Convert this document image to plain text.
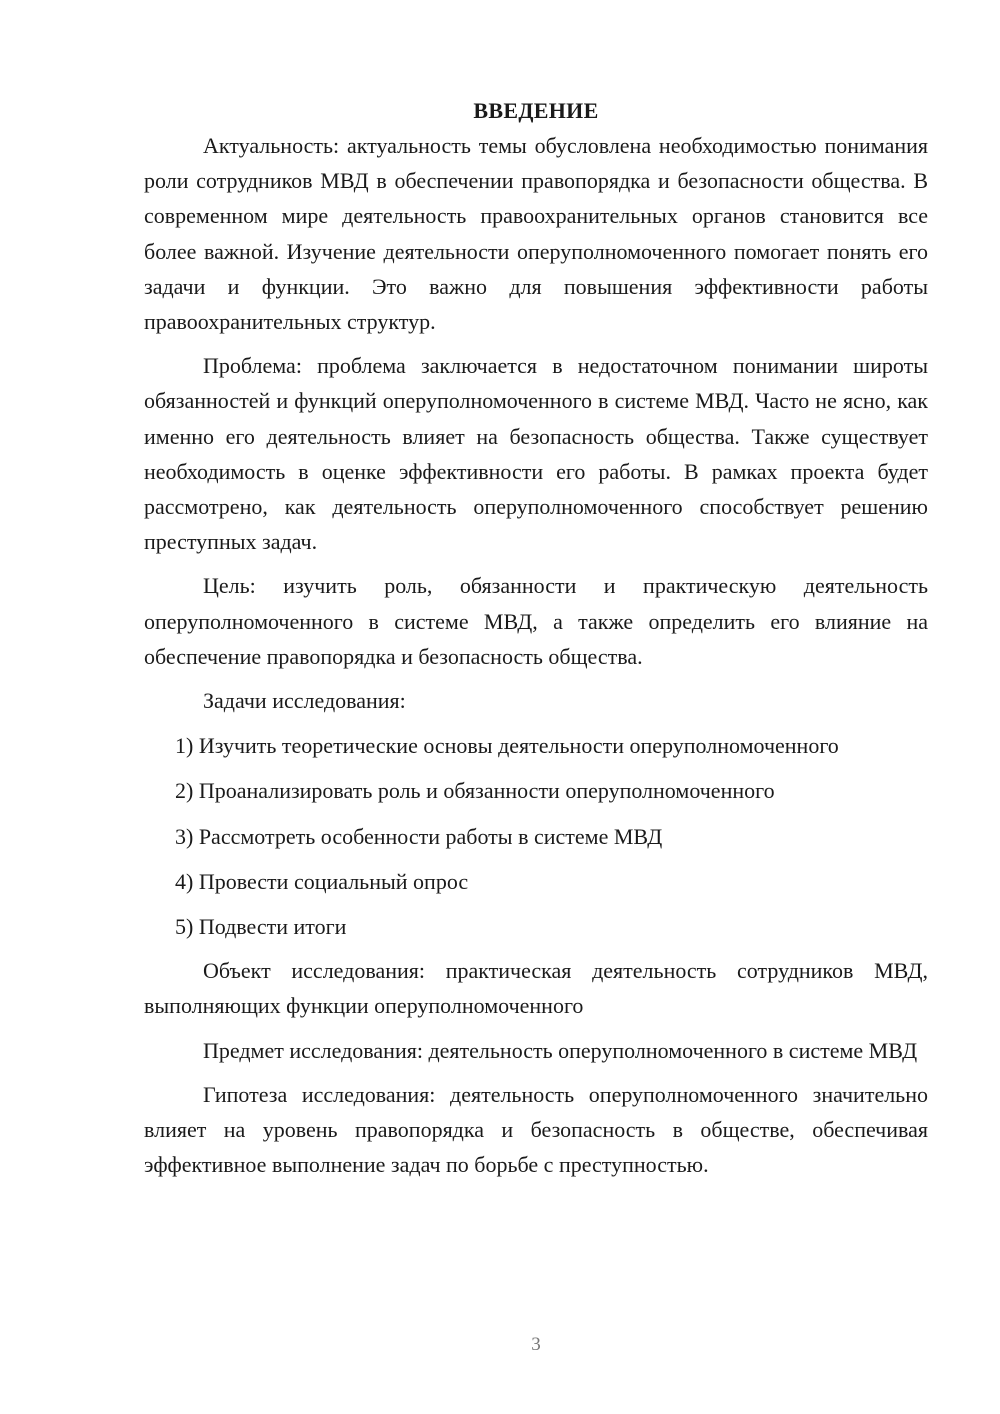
ВВЕДЕНИЕ

Актуальность: актуальность темы обусловлена необходимостью понимания роли сотрудников МВД в обеспечении правопорядка и безопасности общества. В современном мире деятельность правоохранительных органов становится все более важной. Изучение деятельности оперуполномоченного помогает понять его задачи и функции. Это важно для повышения эффективности работы правоохранительных структур.

Проблема: проблема заключается в недостаточном понимании широты обязанностей и функций оперуполномоченного в системе МВД. Часто не ясно, как именно его деятельность влияет на безопасность общества. Также существует необходимость в оценке эффективности его работы. В рамках проекта будет рассмотрено, как деятельность оперуполномоченного способствует решению преступных задач.

Цель: изучить роль, обязанности и практическую деятельность оперуполномоченного в системе МВД, а также определить его влияние на обеспечение правопорядка и безопасность общества.

Задачи исследования:

1) Изучить теоретические основы деятельности оперуполномоченного

2) Проанализировать роль и обязанности оперуполномоченного

3) Рассмотреть особенности работы в системе МВД

4) Провести социальный опрос

5) Подвести итоги

Объект исследования: практическая деятельность сотрудников МВД, выполняющих функции оперуполномоченного

Предмет исследования: деятельность оперуполномоченного в системе МВД

Гипотеза исследования: деятельность оперуполномоченного значительно влияет на уровень правопорядка и безопасность в обществе, обеспечивая эффективное выполнение задач по борьбе с преступностью.

3
